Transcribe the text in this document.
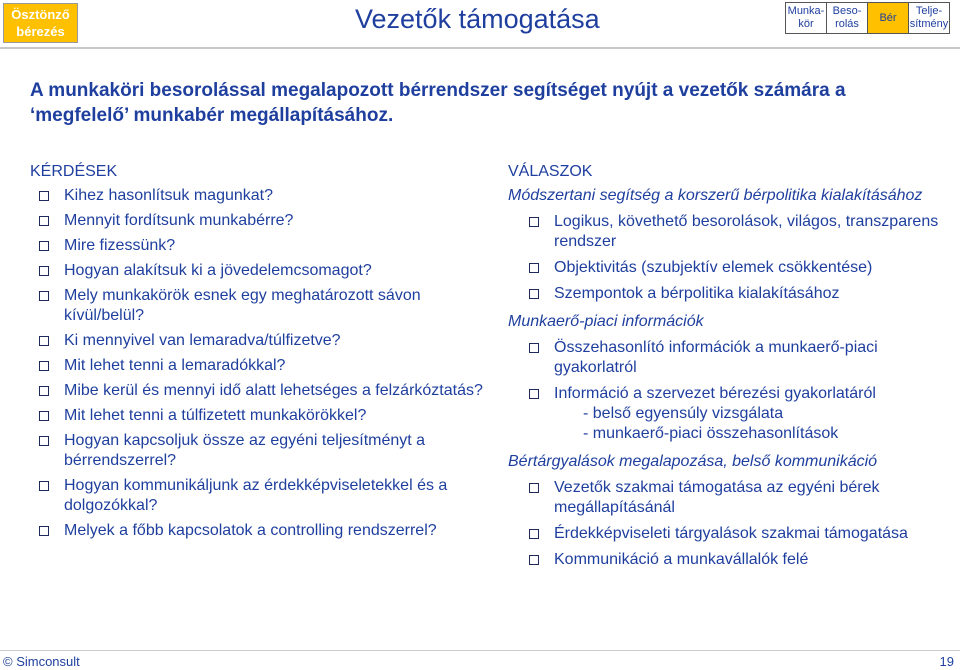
Ösztönző
bérezés	Vezetők támogatása	Munka-
kör
Beso-
rolás
Bér
Telje-
sítmény
A munkaköri besorolással megalapozott bérrendszer segítséget nyújt a vezetők számára a ‘megfelelő’ munkabér megállapításához.
KÉRDÉSEK
Kihez hasonlítsuk magunkat?
Mennyit fordítsunk munkabérre?
Mire fizessünk?
Hogyan alakítsuk ki a jövedelemcsomagot?
Mely munkakörök esnek egy meghatározott sávon kívül/belül?
Ki mennyivel van lemaradva/túlfizetve?
Mit lehet tenni a lemaradókkal?
Mibe kerül és mennyi idő alatt lehetséges a felzárkóztatás?
Mit lehet tenni a túlfizetett munkakörökkel?
Hogyan kapcsoljuk össze az egyéni teljesítményt a bérrendszerrel?
Hogyan kommunikáljunk az érdekképviseletekkel és a dolgozókkal?
Melyek a főbb kapcsolatok a controlling rendszerrel?
VÁLASZOK
Módszertani segítség a korszerű bérpolitika kialakításához
Logikus, követhető besorolások, világos, transzparens rendszer
Objektivitás (szubjektív elemek csökkentése)
Szempontok a bérpolitika kialakításához
Munkaerő-piaci információk
Összehasonlító információk a munkaerő-piaci gyakorlatról
Információ a szervezet bérezési gyakorlatáról
- belső egyensúly vizsgálata
- munkaerő-piaci összehasonlítások
Bértárgyalások megalapozása, belső kommunikáció
Vezetők szakmai támogatása az egyéni bérek megállapításánál
Érdekképviseleti tárgyalások szakmai támogatása
Kommunikáció a munkavállalók felé
© Simconsult	19
